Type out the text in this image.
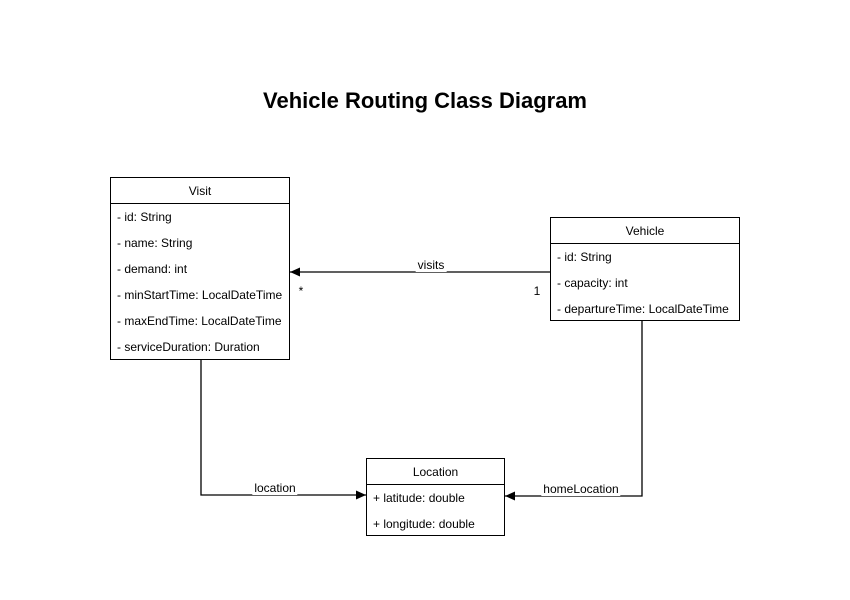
Vehicle Routing Class Diagram
Visit
- id: String
- name: String
- demand: int
- minStartTime: LocalDateTime
- maxEndTime: LocalDateTime
- serviceDuration: Duration
Vehicle
- id: String
- capacity: int
- departureTime: LocalDateTime
Location
+ latitude: double
+ longitude: double
visits
*	1
location	homeLocation
